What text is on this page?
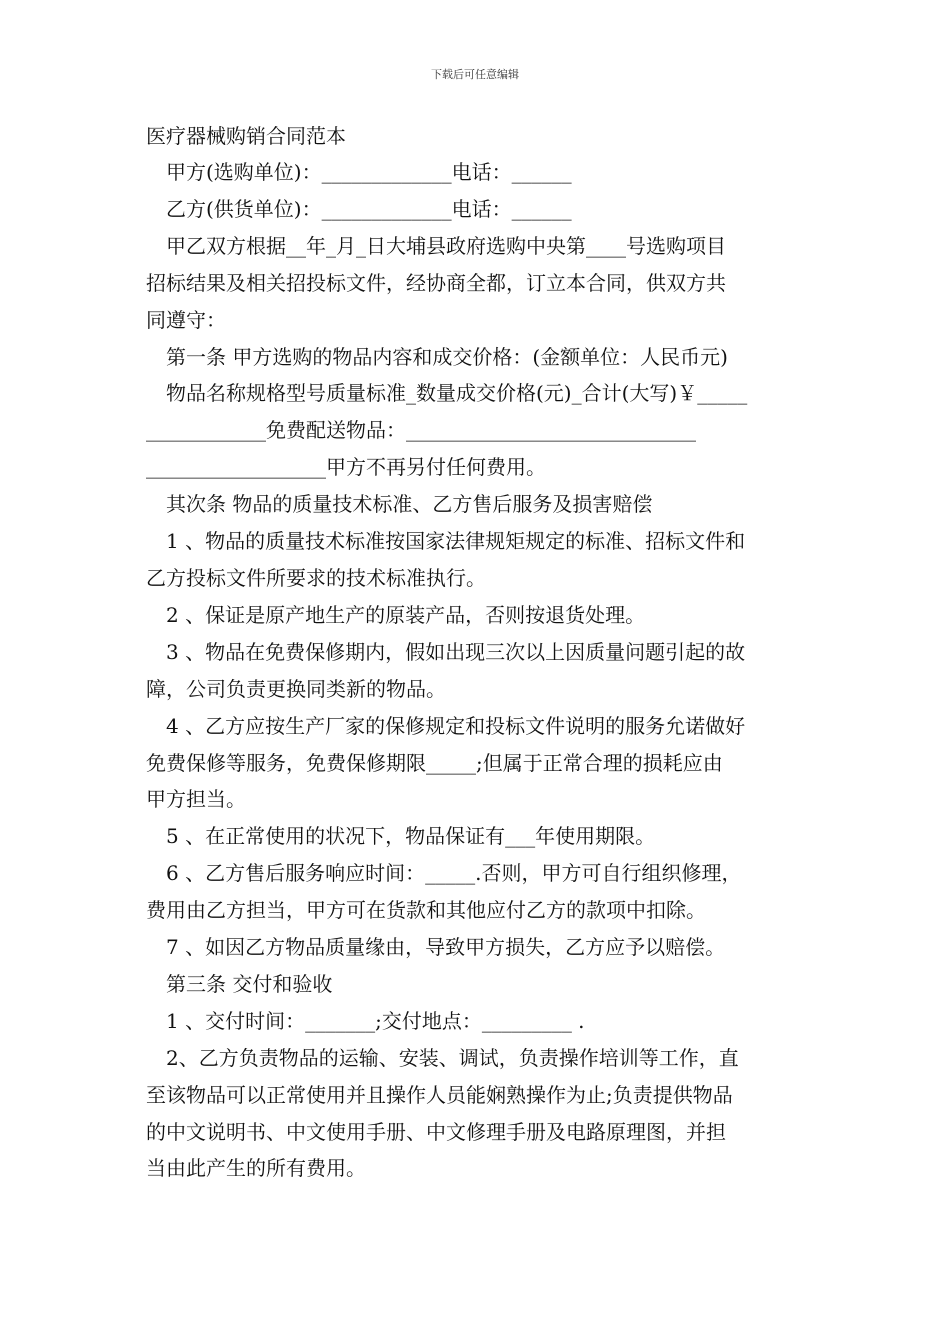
下载后可任意编辑
医疗器械购销合同范本

甲方(选购单位)：_____________电话：______

乙方(供货单位)：_____________电话：______

甲乙双方根据__年_月_日大埔县政府选购中央第____号选购项目

招标结果及相关招投标文件，经协商全都，订立本合同，供双方共

同遵守：

第一条 甲方选购的物品内容和成交价格：(金额单位：人民币元)

物品名称规格型号质量标准_数量成交价格(元)_合计(大写)￥_____

____________免费配送物品：_____________________________

__________________甲方不再另付任何费用。

其次条 物品的质量技术标准、乙方售后服务及损害赔偿

1 、物品的质量技术标准按国家法律规矩规定的标准、招标文件和

乙方投标文件所要求的技术标准执行。

2 、保证是原产地生产的原装产品，否则按退货处理。

3 、物品在免费保修期内，假如出现三次以上因质量问题引起的故

障，公司负责更换同类新的物品。

4 、乙方应按生产厂家的保修规定和投标文件说明的服务允诺做好

免费保修等服务，免费保修期限_____;但属于正常合理的损耗应由

甲方担当。

5 、在正常使用的状况下，物品保证有___年使用期限。

6 、乙方售后服务响应时间：_____.否则，甲方可自行组织修理，

费用由乙方担当，甲方可在货款和其他应付乙方的款项中扣除。

7 、如因乙方物品质量缘由，导致甲方损失，乙方应予以赔偿。

第三条 交付和验收

1 、交付时间：_______;交付地点：_________ .

2、乙方负责物品的运输、安装、调试，负责操作培训等工作，直

至该物品可以正常使用并且操作人员能娴熟操作为止;负责提供物品

的中文说明书、中文使用手册、中文修理手册及电路原理图，并担

当由此产生的所有费用。
